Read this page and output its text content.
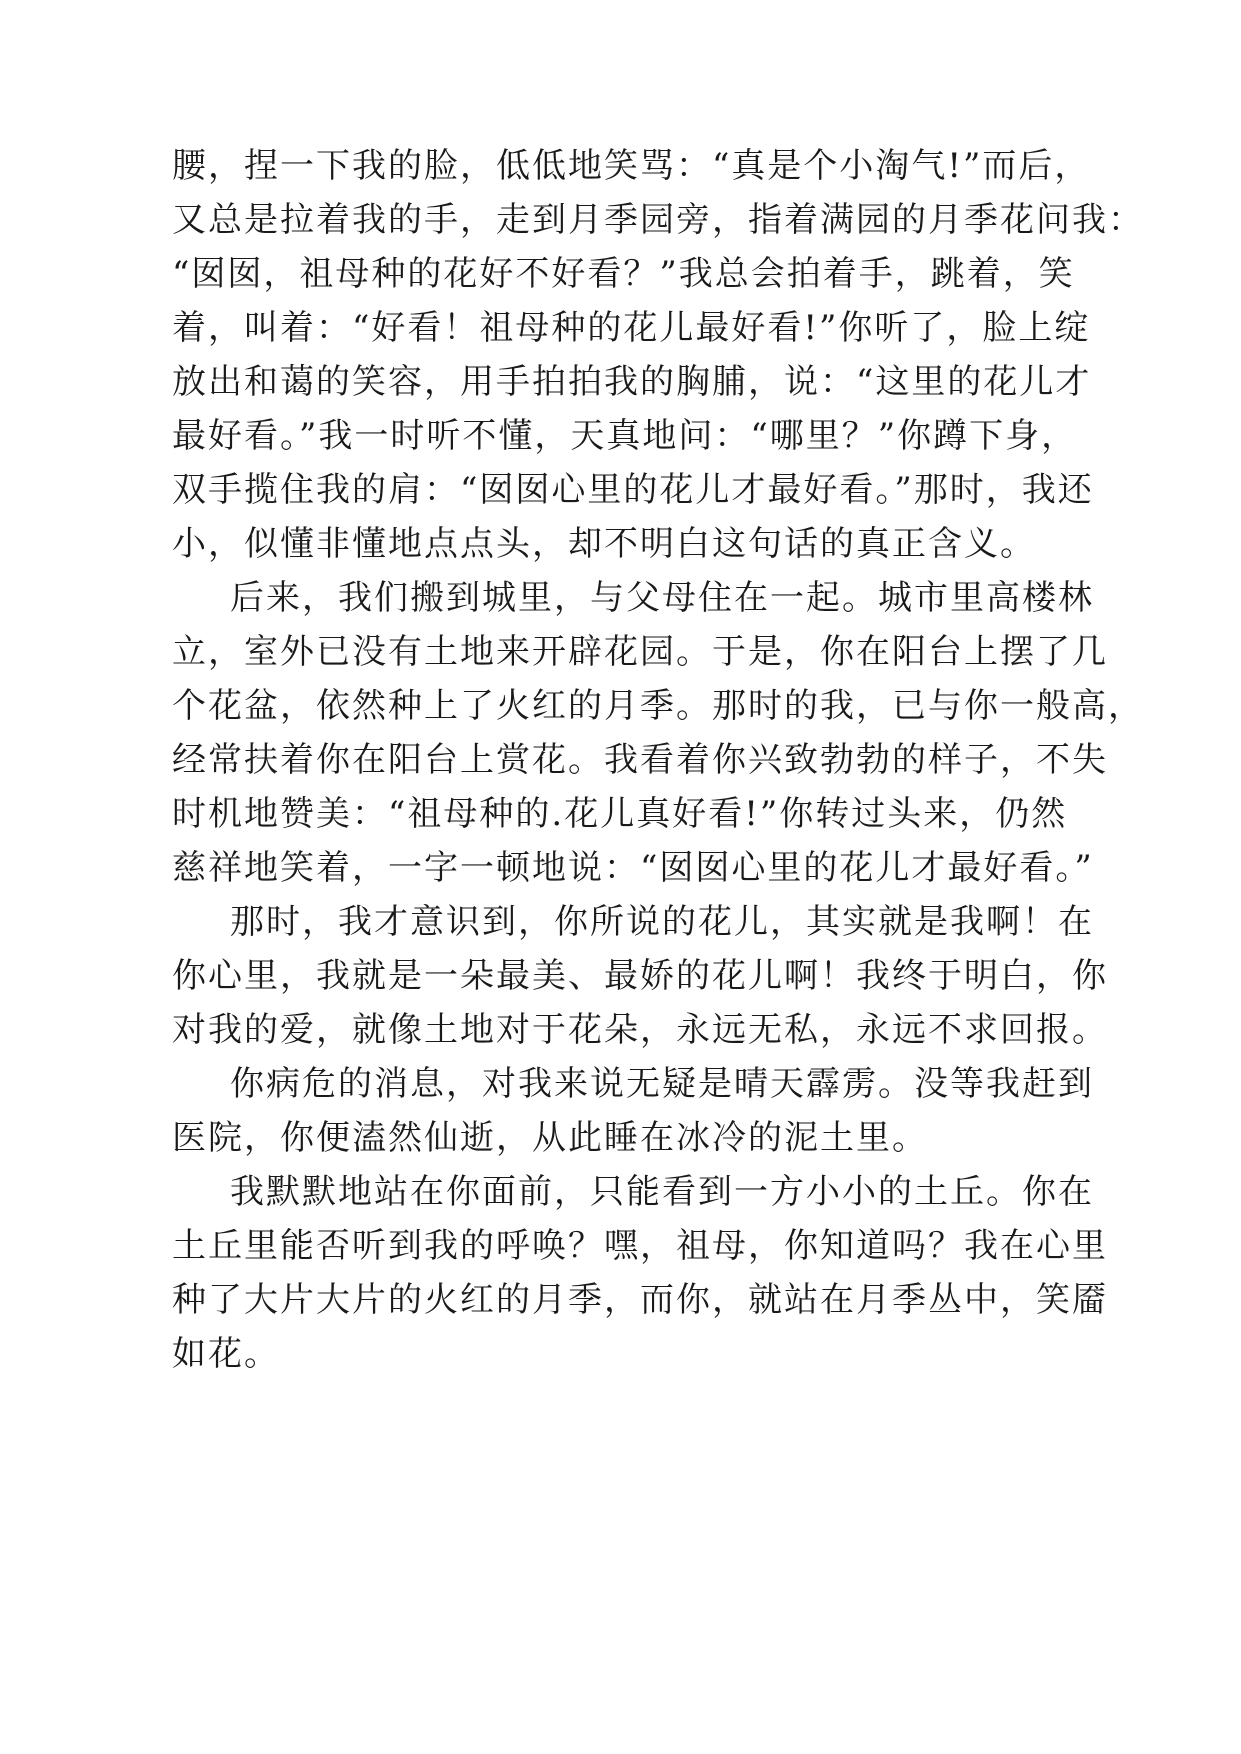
腰，捏一下我的脸，低低地笑骂：“真是个小淘气!”而后，
又总是拉着我的手，走到月季园旁，指着满园的月季花问我：
“囡囡，祖母种的花好不好看？”我总会拍着手，跳着，笑
着，叫着：“好看！祖母种的花儿最好看!”你听了，脸上绽
放出和蔼的笑容，用手拍拍我的胸脯，说：“这里的花儿才
最好看。”我一时听不懂，天真地问：“哪里？”你蹲下身，
双手揽住我的肩：“囡囡心里的花儿才最好看。”那时，我还
小，似懂非懂地点点头，却不明白这句话的真正含义。
后来，我们搬到城里，与父母住在一起。城市里高楼林
立，室外已没有土地来开辟花园。于是，你在阳台上摆了几
个花盆，依然种上了火红的月季。那时的我，已与你一般高，
经常扶着你在阳台上赏花。我看着你兴致勃勃的样子，不失
时机地赞美：“祖母种的.花儿真好看!”你转过头来，仍然
慈祥地笑着，一字一顿地说：“囡囡心里的花儿才最好看。”
那时，我才意识到，你所说的花儿，其实就是我啊！在
你心里，我就是一朵最美、最娇的花儿啊！我终于明白，你
对我的爱，就像土地对于花朵，永远无私，永远不求回报。
你病危的消息，对我来说无疑是晴天霹雳。没等我赶到
医院，你便溘然仙逝，从此睡在冰冷的泥土里。
我默默地站在你面前，只能看到一方小小的土丘。你在
土丘里能否听到我的呼唤？嘿，祖母，你知道吗？我在心里
种了大片大片的火红的月季，而你，就站在月季丛中，笑靥
如花。
